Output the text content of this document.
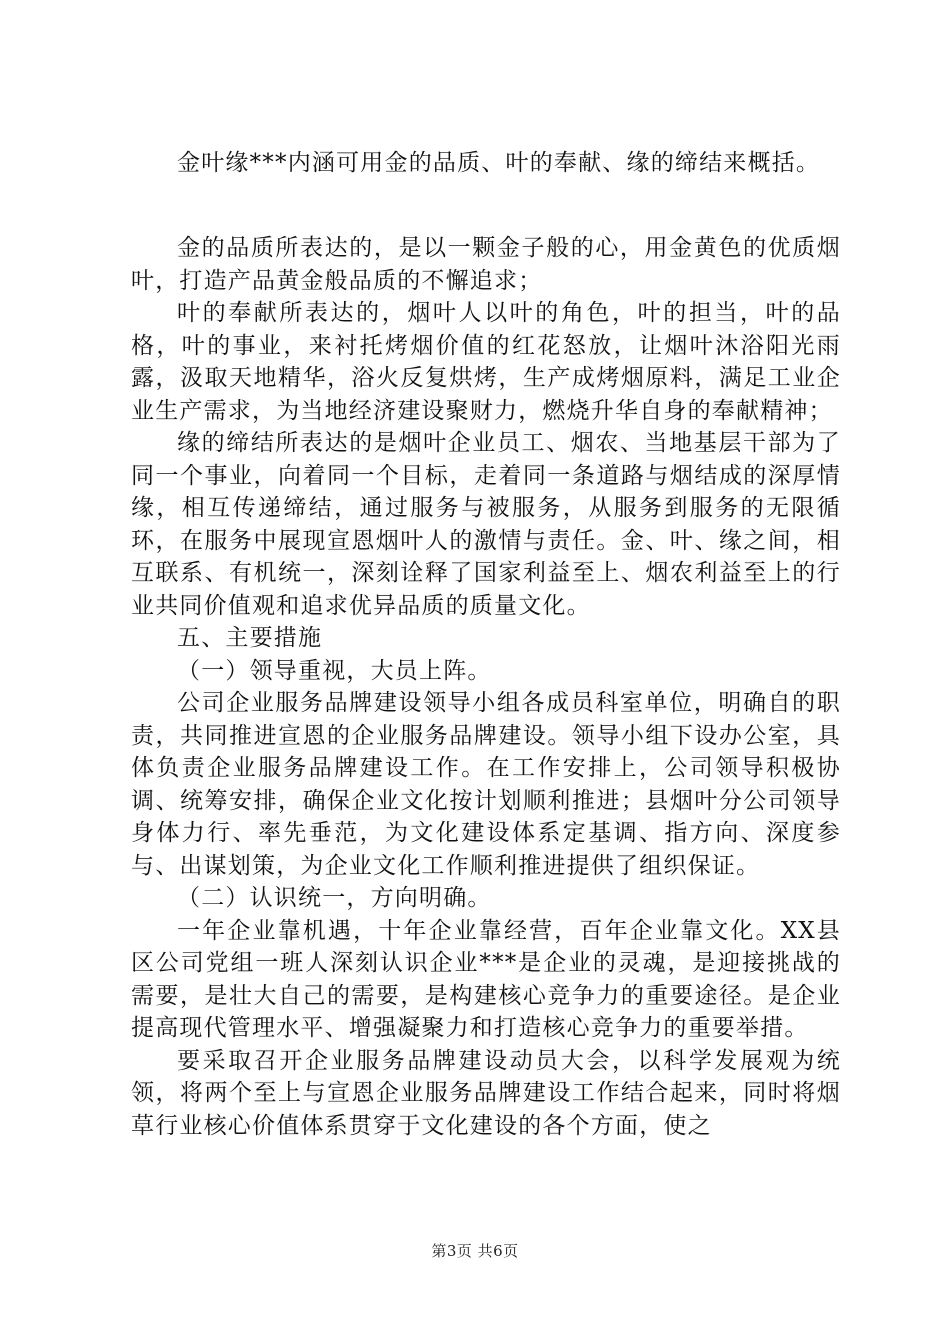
金叶缘***内涵可用金的品质、叶的奉献、缘的缔结来概括。

金的品质所表达的，是以一颗金子般的心，用金黄色的优质烟叶，打造产品黄金般品质的不懈追求；

叶的奉献所表达的，烟叶人以叶的角色，叶的担当，叶的品格，叶的事业，来衬托烤烟价值的红花怒放，让烟叶沐浴阳光雨露，汲取天地精华，浴火反复烘烤，生产成烤烟原料，满足工业企业生产需求，为当地经济建设聚财力，燃烧升华自身的奉献精神；

缘的缔结所表达的是烟叶企业员工、烟农、当地基层干部为了同一个事业，向着同一个目标，走着同一条道路与烟结成的深厚情缘，相互传递缔结，通过服务与被服务，从服务到服务的无限循环，在服务中展现宣恩烟叶人的激情与责任。金、叶、缘之间，相互联系、有机统一，深刻诠释了国家利益至上、烟农利益至上的行业共同价值观和追求优异品质的质量文化。

五、主要措施

（一）领导重视，大员上阵。

公司企业服务品牌建设领导小组各成员科室单位，明确自的职责，共同推进宣恩的企业服务品牌建设。领导小组下设办公室，具体负责企业服务品牌建设工作。在工作安排上，公司领导积极协调、统筹安排，确保企业文化按计划顺利推进；县烟叶分公司领导身体力行、率先垂范，为文化建设体系定基调、指方向、深度参与、出谋划策，为企业文化工作顺利推进提供了组织保证。

（二）认识统一，方向明确。

一年企业靠机遇，十年企业靠经营，百年企业靠文化。XX县区公司党组一班人深刻认识企业***是企业的灵魂，是迎接挑战的需要，是壮大自己的需要，是构建核心竞争力的重要途径。是企业提高现代管理水平、增强凝聚力和打造核心竞争力的重要举措。

要采取召开企业服务品牌建设动员大会，以科学发展观为统领，将两个至上与宣恩企业服务品牌建设工作结合起来，同时将烟草行业核心价值体系贯穿于文化建设的各个方面，使之

第3页 共6页
